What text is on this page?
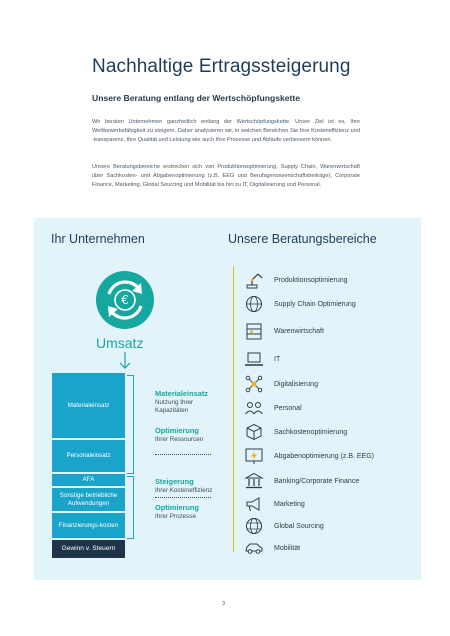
Nachhaltige Ertragssteigerung
Unsere Beratung entlang der Wertschöpfungskette
Wir beraten Unternehmen ganzheitlich entlang der Wertschöpfungskette. Unser Ziel ist es, Ihre Wettbewerbsfähigkeit zu steigern. Daher analysieren wir, in welchen Bereichen Sie Ihre Kosteneffizienz und -transparenz, Ihre Qualität und Leistung wie auch Ihre Prozesse und Abläufe verbessern können.
Unsere Beratungsbereiche erstrecken sich von Produktionsoptimierung, Supply Chain, Warenwirtschaft über Sachkosten- und Abgabenoptimierung (z.B. EEG und Berufsgenossenschaftsbeiträge), Corporate Finance, Marketing, Global Sourcing und Mobilität bis hin zu IT, Digitalisierung und Personal.
Ihr Unternehmen	Unsere Beratungsbereiche
€
Umsatz
Materialeinsatz
Personaleinsatz
AFA
Sonstige betriebliche Aufwendungen
Finanzierungs-kosten
Gewinn v. Steuern
Materialeinsatz
Nutzung Ihrer Kapazitäten
Optimierung
Ihrer Ressourcen
Steigerung
Ihrer Kosteneffizienz
Optimierung
Ihrer Prozesse
Produktionsoptimierung
Supply Chain Optimierung
Warenwirtschaft
IT
Digitalisierung
Personal
Sachkostenoptimierung
Abgabenoptimierung (z.B. EEG)
Banking/Corporate Finance
Marketing
Global Sourcing
Mobilität
3
